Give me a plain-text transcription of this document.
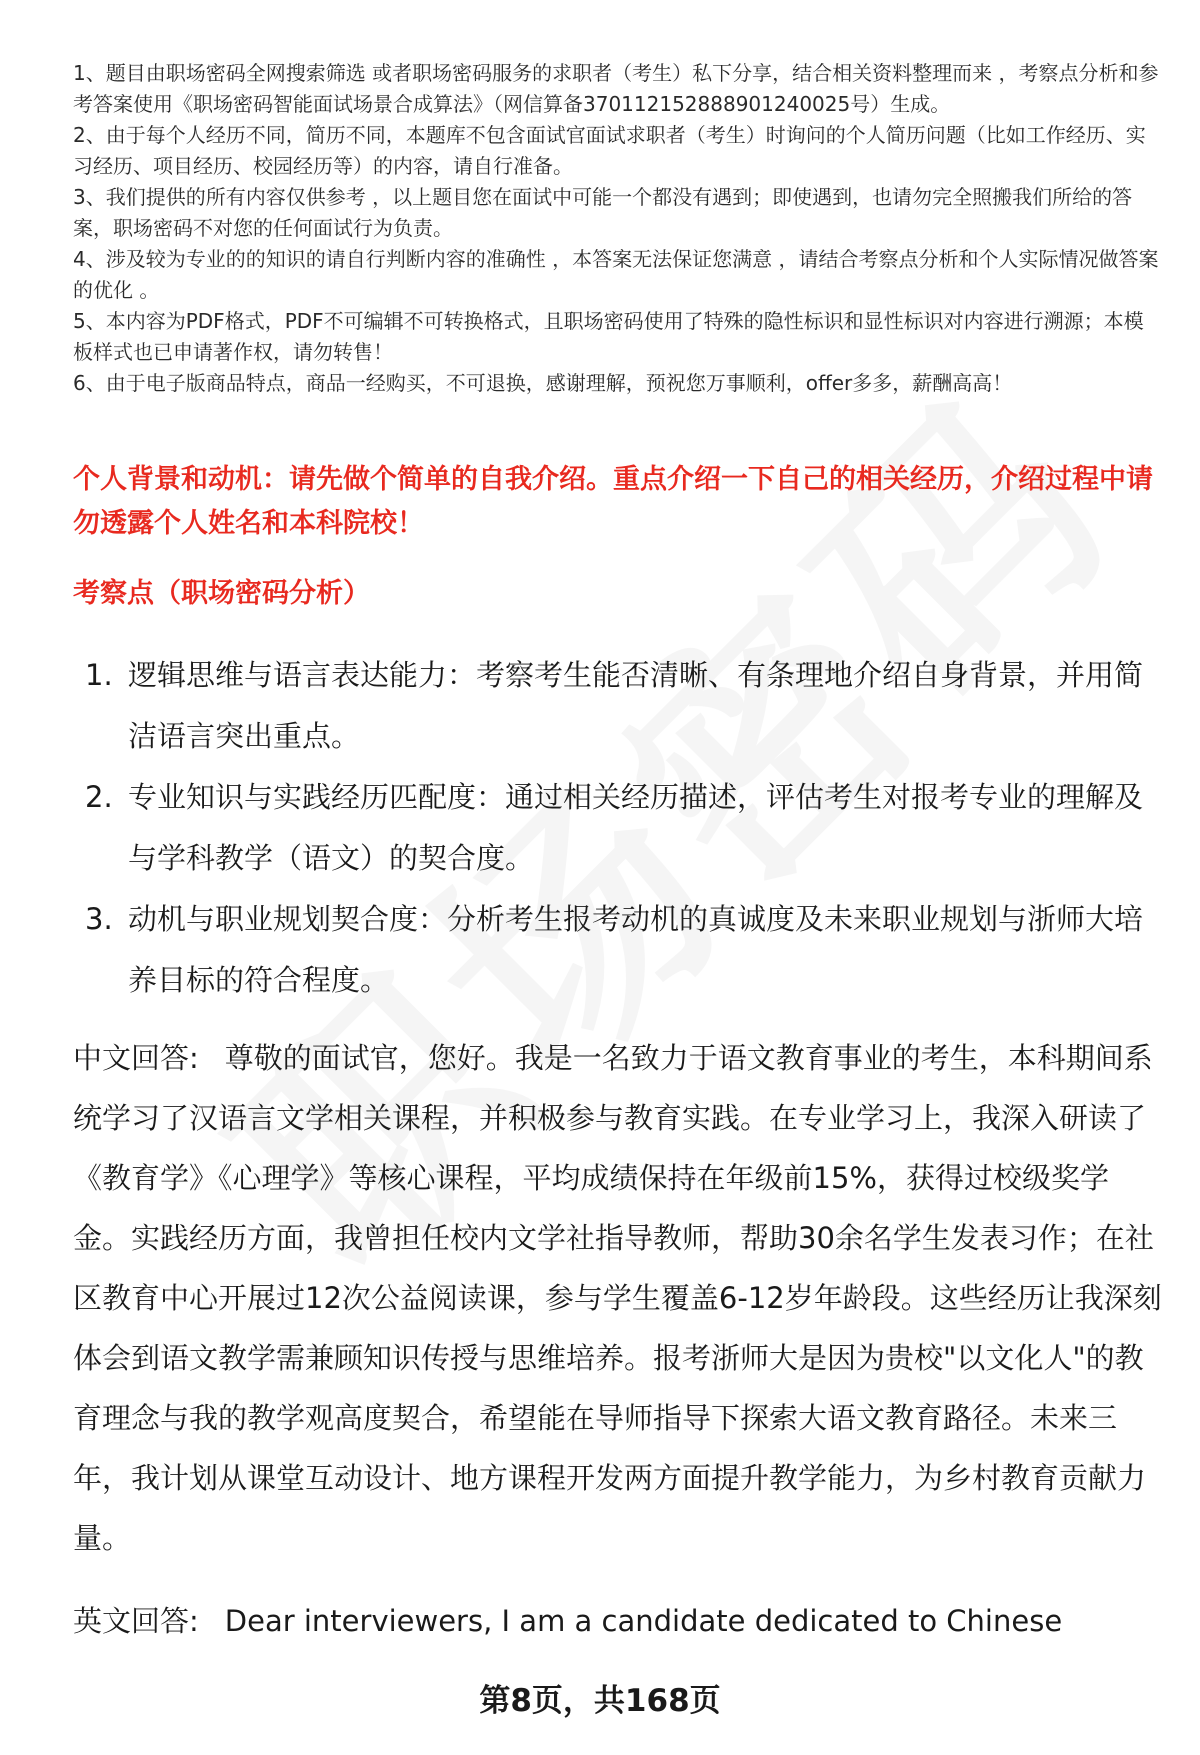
1、题目由职场密码全网搜索筛选 或者职场密码服务的求职者（考生）私下分享，结合相关资料整理而来 ，考察点分析和参考答案使用《职场密码智能面试场景合成算法》（网信算备370112152888901240025号）生成。

2、由于每个人经历不同，简历不同，本题库不包含面试官面试求职者（考生）时询问的个人简历问题（比如工作经历、实习经历、项目经历、校园经历等）的内容，请自行准备。

3、我们提供的所有内容仅供参考 ，以上题目您在面试中可能一个都没有遇到；即使遇到，也请勿完全照搬我们所给的答案，职场密码不对您的任何面试行为负责。

4、涉及较为专业的的知识的请自行判断内容的准确性 ，本答案无法保证您满意 ，请结合考察点分析和个人实际情况做答案的优化 。

5、本内容为PDF格式，PDF不可编辑不可转换格式，且职场密码使用了特殊的隐性标识和显性标识对内容进行溯源；本模板样式也已申请著作权，请勿转售！

6、由于电子版商品特点，商品一经购买，不可退换，感谢理解，预祝您万事顺利，offer多多，薪酬高高！

个人背景和动机：请先做个简单的自我介绍。重点介绍一下自己的相关经历，介绍过程中请勿透露个人姓名和本科院校！
考察点（职场密码分析）
1. 逻辑思维与语言表达能力：考察考生能否清晰、有条理地介绍自身背景，并用简洁语言突出重点。
2. 专业知识与实践经历匹配度：通过相关经历描述，评估考生对报考专业的理解及与学科教学（语文）的契合度。
3. 动机与职业规划契合度：分析考生报考动机的真诚度及未来职业规划与浙师大培养目标的符合程度。

中文回答: 尊敬的面试官，您好。我是一名致力于语文教育事业的考生，本科期间系统学习了汉语言文学相关课程，并积极参与教育实践。在专业学习上，我深入研读了《教育学》《心理学》等核心课程，平均成绩保持在年级前15%，获得过校级奖学金。实践经历方面，我曾担任校内文学社指导教师，帮助30余名学生发表习作；在社区教育中心开展过12次公益阅读课，参与学生覆盖6-12岁年龄段。这些经历让我深刻体会到语文教学需兼顾知识传授与思维培养。报考浙师大是因为贵校"以文化人"的教育理念与我的教学观高度契合，希望能在导师指导下探索大语文教育路径。未来三年，我计划从课堂互动设计、地方课程开发两方面提升教学能力，为乡村教育贡献力量。

英文回答: Dear interviewers, I am a candidate dedicated to Chinese

第8页，共168页
